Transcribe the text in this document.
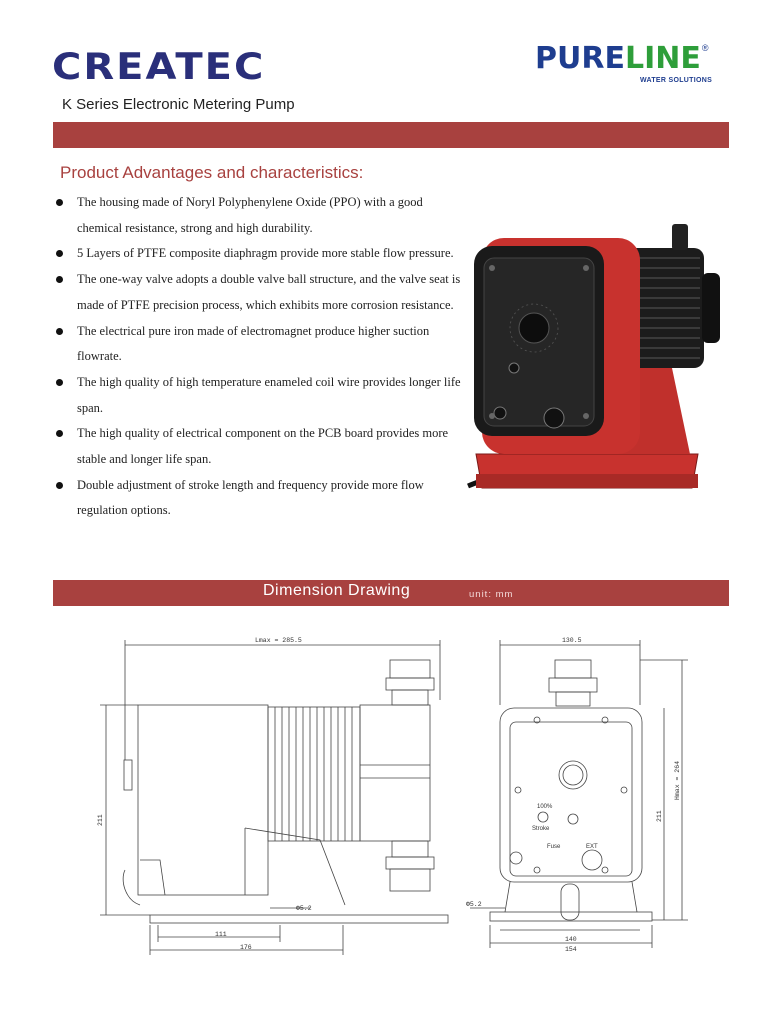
CREATEC	PURELINE®
WATER SOLUTIONS
K Series Electronic Metering Pump
Product Advantages and characteristics:
The housing made of Noryl Polyphenylene Oxide (PPO) with a good chemical resistance, strong and high durability.
5 Layers of PTFE composite diaphragm provide more stable flow pressure.
The one-way valve adopts a double valve ball structure, and the valve seat is made of PTFE precision process, which exhibits more corrosion resistance.
The electrical pure iron made of electromagnet produce higher suction flowrate.
The high quality of high temperature enameled coil wire provides longer life span.
The high quality of electrical component on the PCB board provides more stable and longer life span.
Double adjustment of stroke length and frequency provide more flow regulation options.
Dimension Drawing	unit: mm
Lmax = 285.5
211
Φ5.2
111
176
130.5
211
Hmax = 264
Φ5.2
140
154
100%
Stroke
Fuse	EXT
